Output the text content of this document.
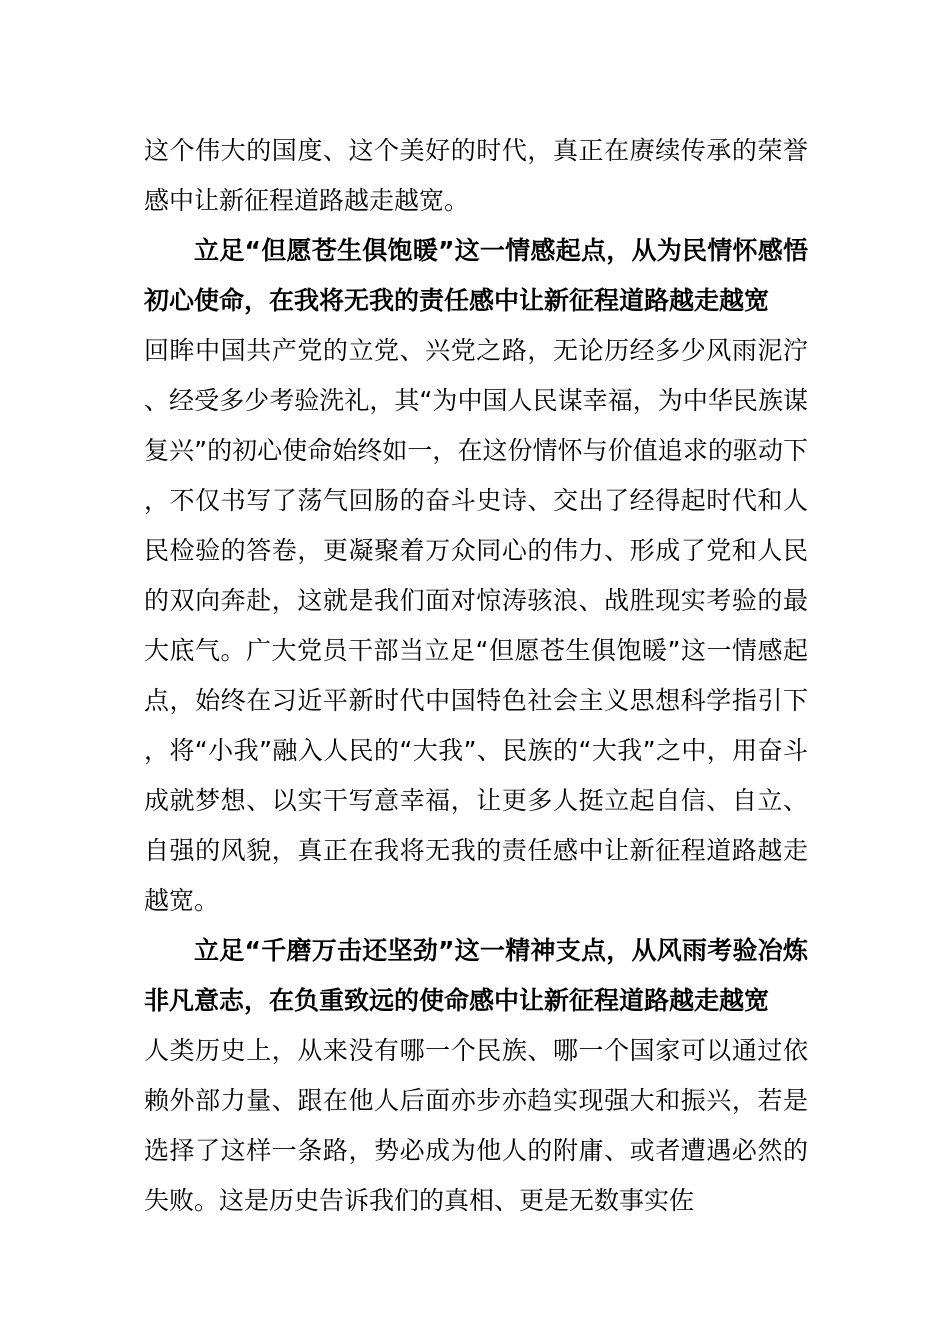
这个伟大的国度、这个美好的时代，真正在赓续传承的荣誉感中让新征程道路越走越宽。

立足“但愿苍生俱饱暖”这一情感起点，从为民情怀感悟初心使命，在我将无我的责任感中让新征程道路越走越宽

回眸中国共产党的立党、兴党之路，无论历经多少风雨泥泞、经受多少考验洗礼，其“为中国人民谋幸福，为中华民族谋复兴”的初心使命始终如一，在这份情怀与价值追求的驱动下，不仅书写了荡气回肠的奋斗史诗、交出了经得起时代和人民检验的答卷，更凝聚着万众同心的伟力、形成了党和人民的双向奔赴，这就是我们面对惊涛骇浪、战胜现实考验的最大底气。广大党员干部当立足“但愿苍生俱饱暖”这一情感起点，始终在习近平新时代中国特色社会主义思想科学指引下，将“小我”融入人民的“大我”、民族的“大我”之中，用奋斗成就梦想、以实干写意幸福，让更多人挺立起自信、自立、自强的风貌，真正在我将无我的责任感中让新征程道路越走越宽。

立足“千磨万击还坚劲”这一精神支点，从风雨考验冶炼非凡意志，在负重致远的使命感中让新征程道路越走越宽

人类历史上，从来没有哪一个民族、哪一个国家可以通过依赖外部力量、跟在他人后面亦步亦趋实现强大和振兴，若是选择了这样一条路，势必成为他人的附庸、或者遭遇必然的失败。这是历史告诉我们的真相、更是无数事实佐
